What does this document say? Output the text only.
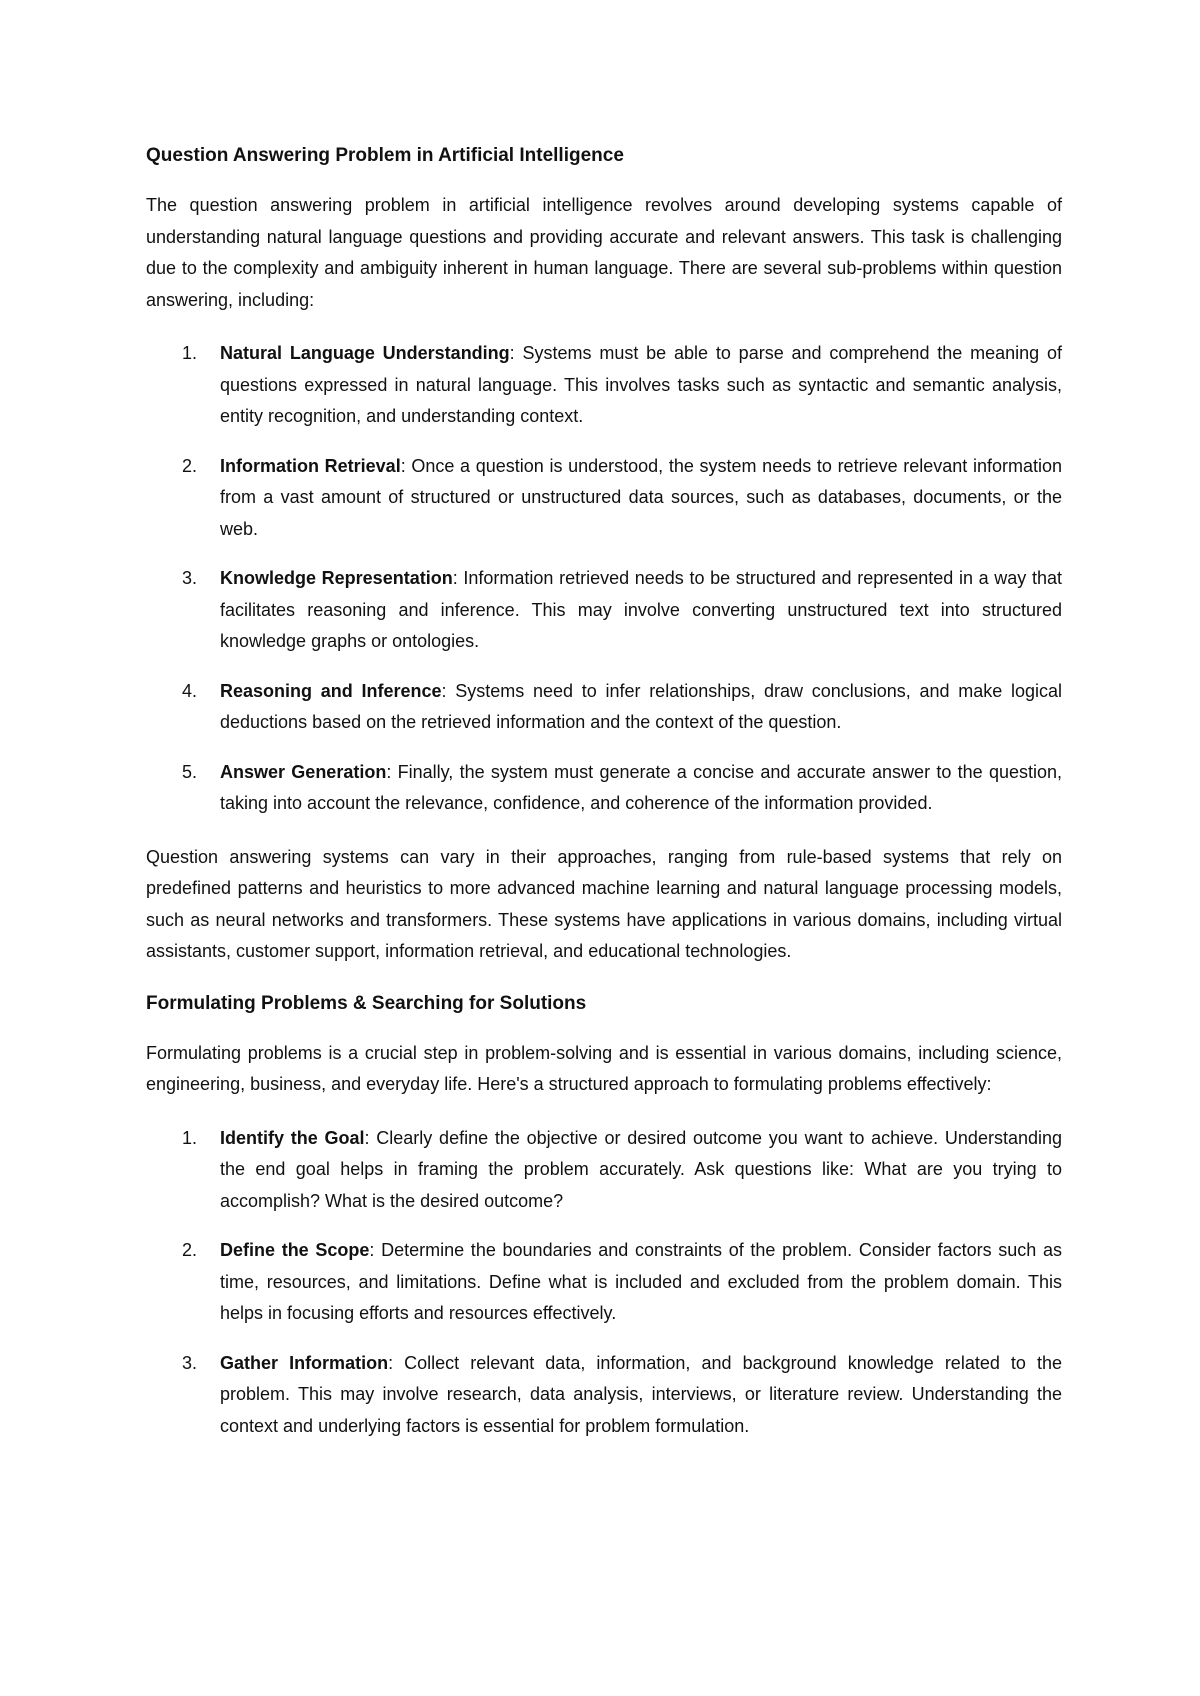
Question Answering Problem in Artificial Intelligence

The question answering problem in artificial intelligence revolves around developing systems capable of understanding natural language questions and providing accurate and relevant answers. This task is challenging due to the complexity and ambiguity inherent in human language. There are several sub-problems within question answering, including:

1. Natural Language Understanding: Systems must be able to parse and comprehend the meaning of questions expressed in natural language. This involves tasks such as syntactic and semantic analysis, entity recognition, and understanding context.
2. Information Retrieval: Once a question is understood, the system needs to retrieve relevant information from a vast amount of structured or unstructured data sources, such as databases, documents, or the web.
3. Knowledge Representation: Information retrieved needs to be structured and represented in a way that facilitates reasoning and inference. This may involve converting unstructured text into structured knowledge graphs or ontologies.
4. Reasoning and Inference: Systems need to infer relationships, draw conclusions, and make logical deductions based on the retrieved information and the context of the question.
5. Answer Generation: Finally, the system must generate a concise and accurate answer to the question, taking into account the relevance, confidence, and coherence of the information provided.

Question answering systems can vary in their approaches, ranging from rule-based systems that rely on predefined patterns and heuristics to more advanced machine learning and natural language processing models, such as neural networks and transformers. These systems have applications in various domains, including virtual assistants, customer support, information retrieval, and educational technologies.

Formulating Problems & Searching for Solutions

Formulating problems is a crucial step in problem-solving and is essential in various domains, including science, engineering, business, and everyday life. Here's a structured approach to formulating problems effectively:

1. Identify the Goal: Clearly define the objective or desired outcome you want to achieve. Understanding the end goal helps in framing the problem accurately. Ask questions like: What are you trying to accomplish? What is the desired outcome?
2. Define the Scope: Determine the boundaries and constraints of the problem. Consider factors such as time, resources, and limitations. Define what is included and excluded from the problem domain. This helps in focusing efforts and resources effectively.
3. Gather Information: Collect relevant data, information, and background knowledge related to the problem. This may involve research, data analysis, interviews, or literature review. Understanding the context and underlying factors is essential for problem formulation.
